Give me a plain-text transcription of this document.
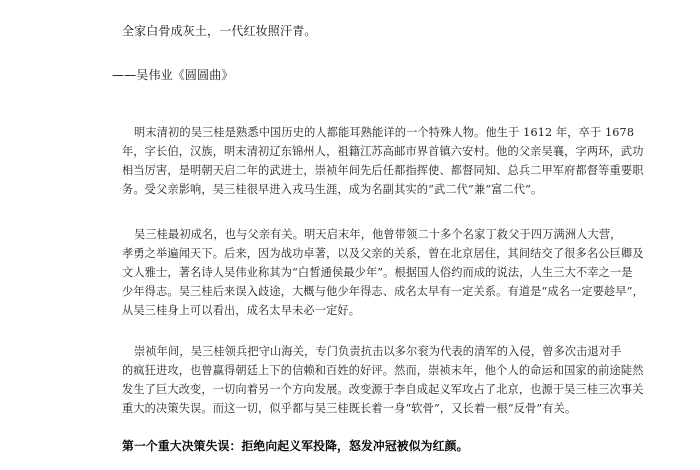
全家白骨成灰土，一代红妆照汗青。
——吴伟业《圆圆曲》
明末清初的吴三桂是熟悉中国历史的人都能耳熟能详的一个特殊人物。他生于 1612 年，卒于 1678
年，字长伯，汉族，明末清初辽东锦州人，祖籍江苏高邮市界首镇六安村。他的父亲吴襄，字两环，武功
相当厉害，是明朝天启二年的武进士，崇祯年间先后任都指挥使、都督同知、总兵二甲军府都督等重要职
务。受父亲影响，吴三桂很早进入戎马生涯，成为名副其实的“武二代”兼“富二代”。
吴三桂最初成名，也与父亲有关。明天启末年，他曾带领二十多个名家丁救父于四万满洲人大营，
孝勇之举遍闻天下。后来，因为战功卓著，以及父亲的关系，曾在北京居住，其间结交了很多名公巨卿及
文人雅士，著名诗人吴伟业称其为“白皙通侯最少年”。根据国人俗约而成的说法，人生三大不幸之一是
少年得志。吴三桂后来误入歧途，大概与他少年得志、成名太早有一定关系。有道是“成名一定要趁早”，
从吴三桂身上可以看出，成名太早未必一定好。
崇祯年间，吴三桂领兵把守山海关，专门负责抗击以多尔衮为代表的清军的入侵，曾多次击退对手
的疯狂进攻，也曾赢得朝廷上下的信赖和百姓的好评。然而，崇祯末年，他个人的命运和国家的前途陡然
发生了巨大改变，一切向着另一个方向发展。改变源于李自成起义军攻占了北京，也源于吴三桂三次事关
重大的决策失误。而这一切，似乎都与吴三桂既长着一身“软骨”，又长着一根“反骨”有关。
第一个重大决策失误：拒绝向起义军投降，怒发冲冠被似为红颜。
